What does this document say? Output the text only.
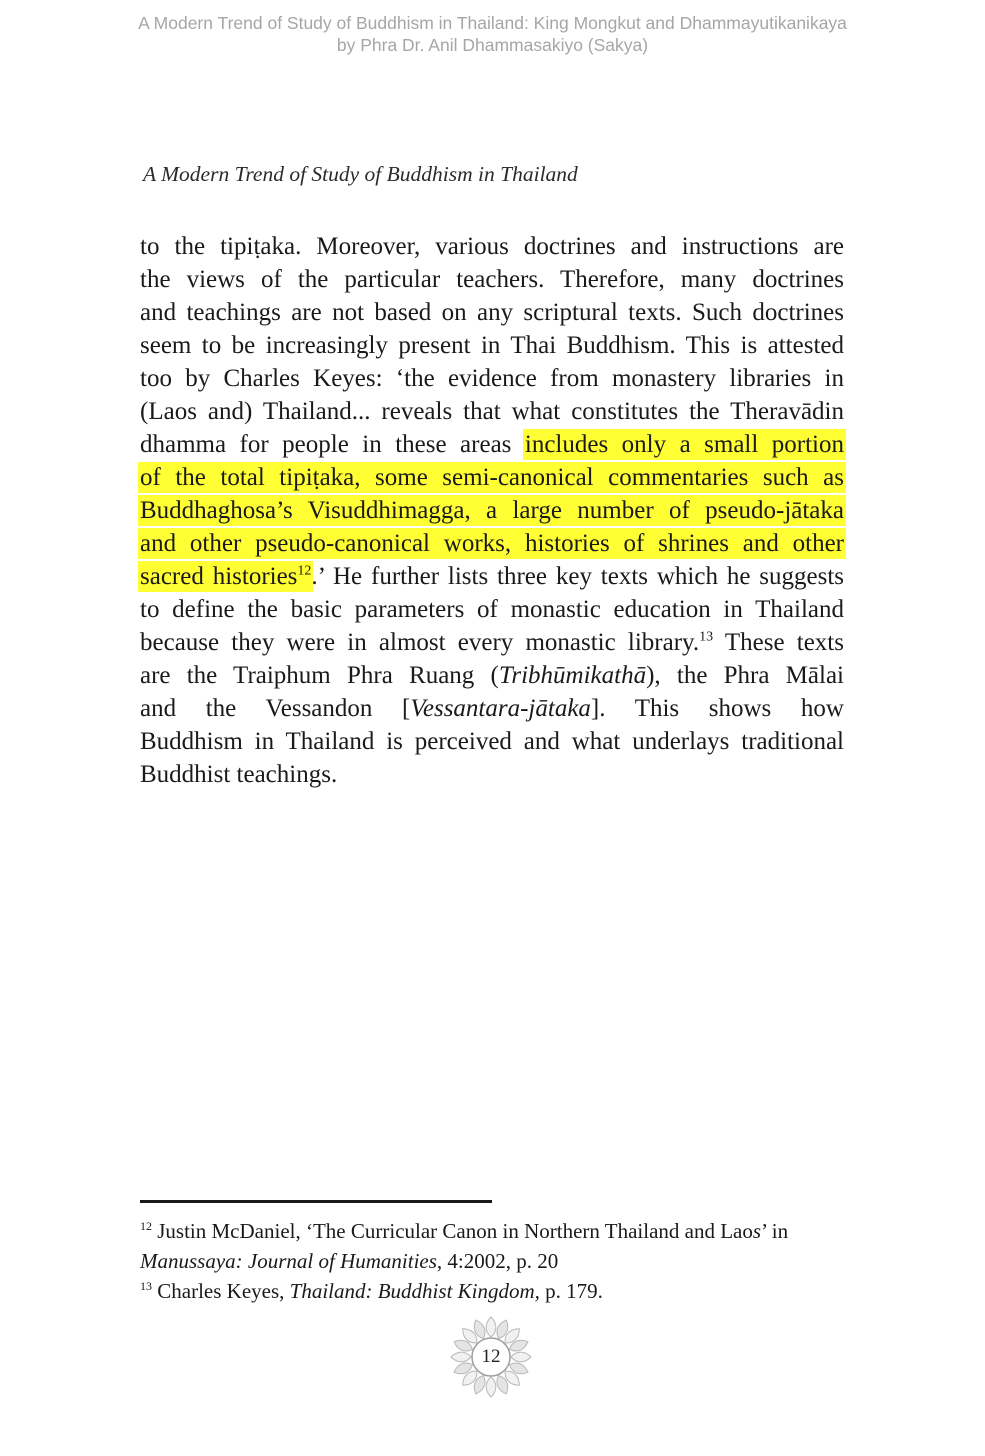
A Modern Trend of Study of Buddhism in Thailand: King Mongkut and Dhammayutikanikaya
by Phra Dr. Anil Dhammasakiyo (Sakya)
A Modern Trend of Study of Buddhism in Thailand
to the tipiṭaka. Moreover, various doctrines and instructions are
the views of the particular teachers. Therefore, many doctrines
and teachings are not based on any scriptural texts. Such doctrines
seem to be increasingly present in Thai Buddhism. This is attested
too by Charles Keyes: ‘the evidence from monastery libraries in
(Laos and) Thailand... reveals that what constitutes the Theravādin
dhamma for people in these areas includes only a small portion
of the total tipiṭaka, some semi-canonical commentaries such as
Buddhaghosa’s Visuddhimagga, a large number of pseudo-jātaka
and other pseudo-canonical works, histories of shrines and other
sacred histories$^{12}$.’ He further lists three key texts which he suggests
to define the basic parameters of monastic education in Thailand
because they were in almost every monastic library.$^{13}$ These texts
are the Traiphum Phra Ruang (Tribhūmikathā), the Phra Mālai
and the Vessandon [Vessantara-jātaka]. This shows how
Buddhism in Thailand is perceived and what underlays traditional
Buddhist teachings.
$^{12}$ Justin McDaniel, ‘The Curricular Canon in Northern Thailand and Laos’ in
Manussaya: Journal of Humanities, 4:2002, p. 20
$^{13}$ Charles Keyes, Thailand: Buddhist Kingdom, p. 179.
12
